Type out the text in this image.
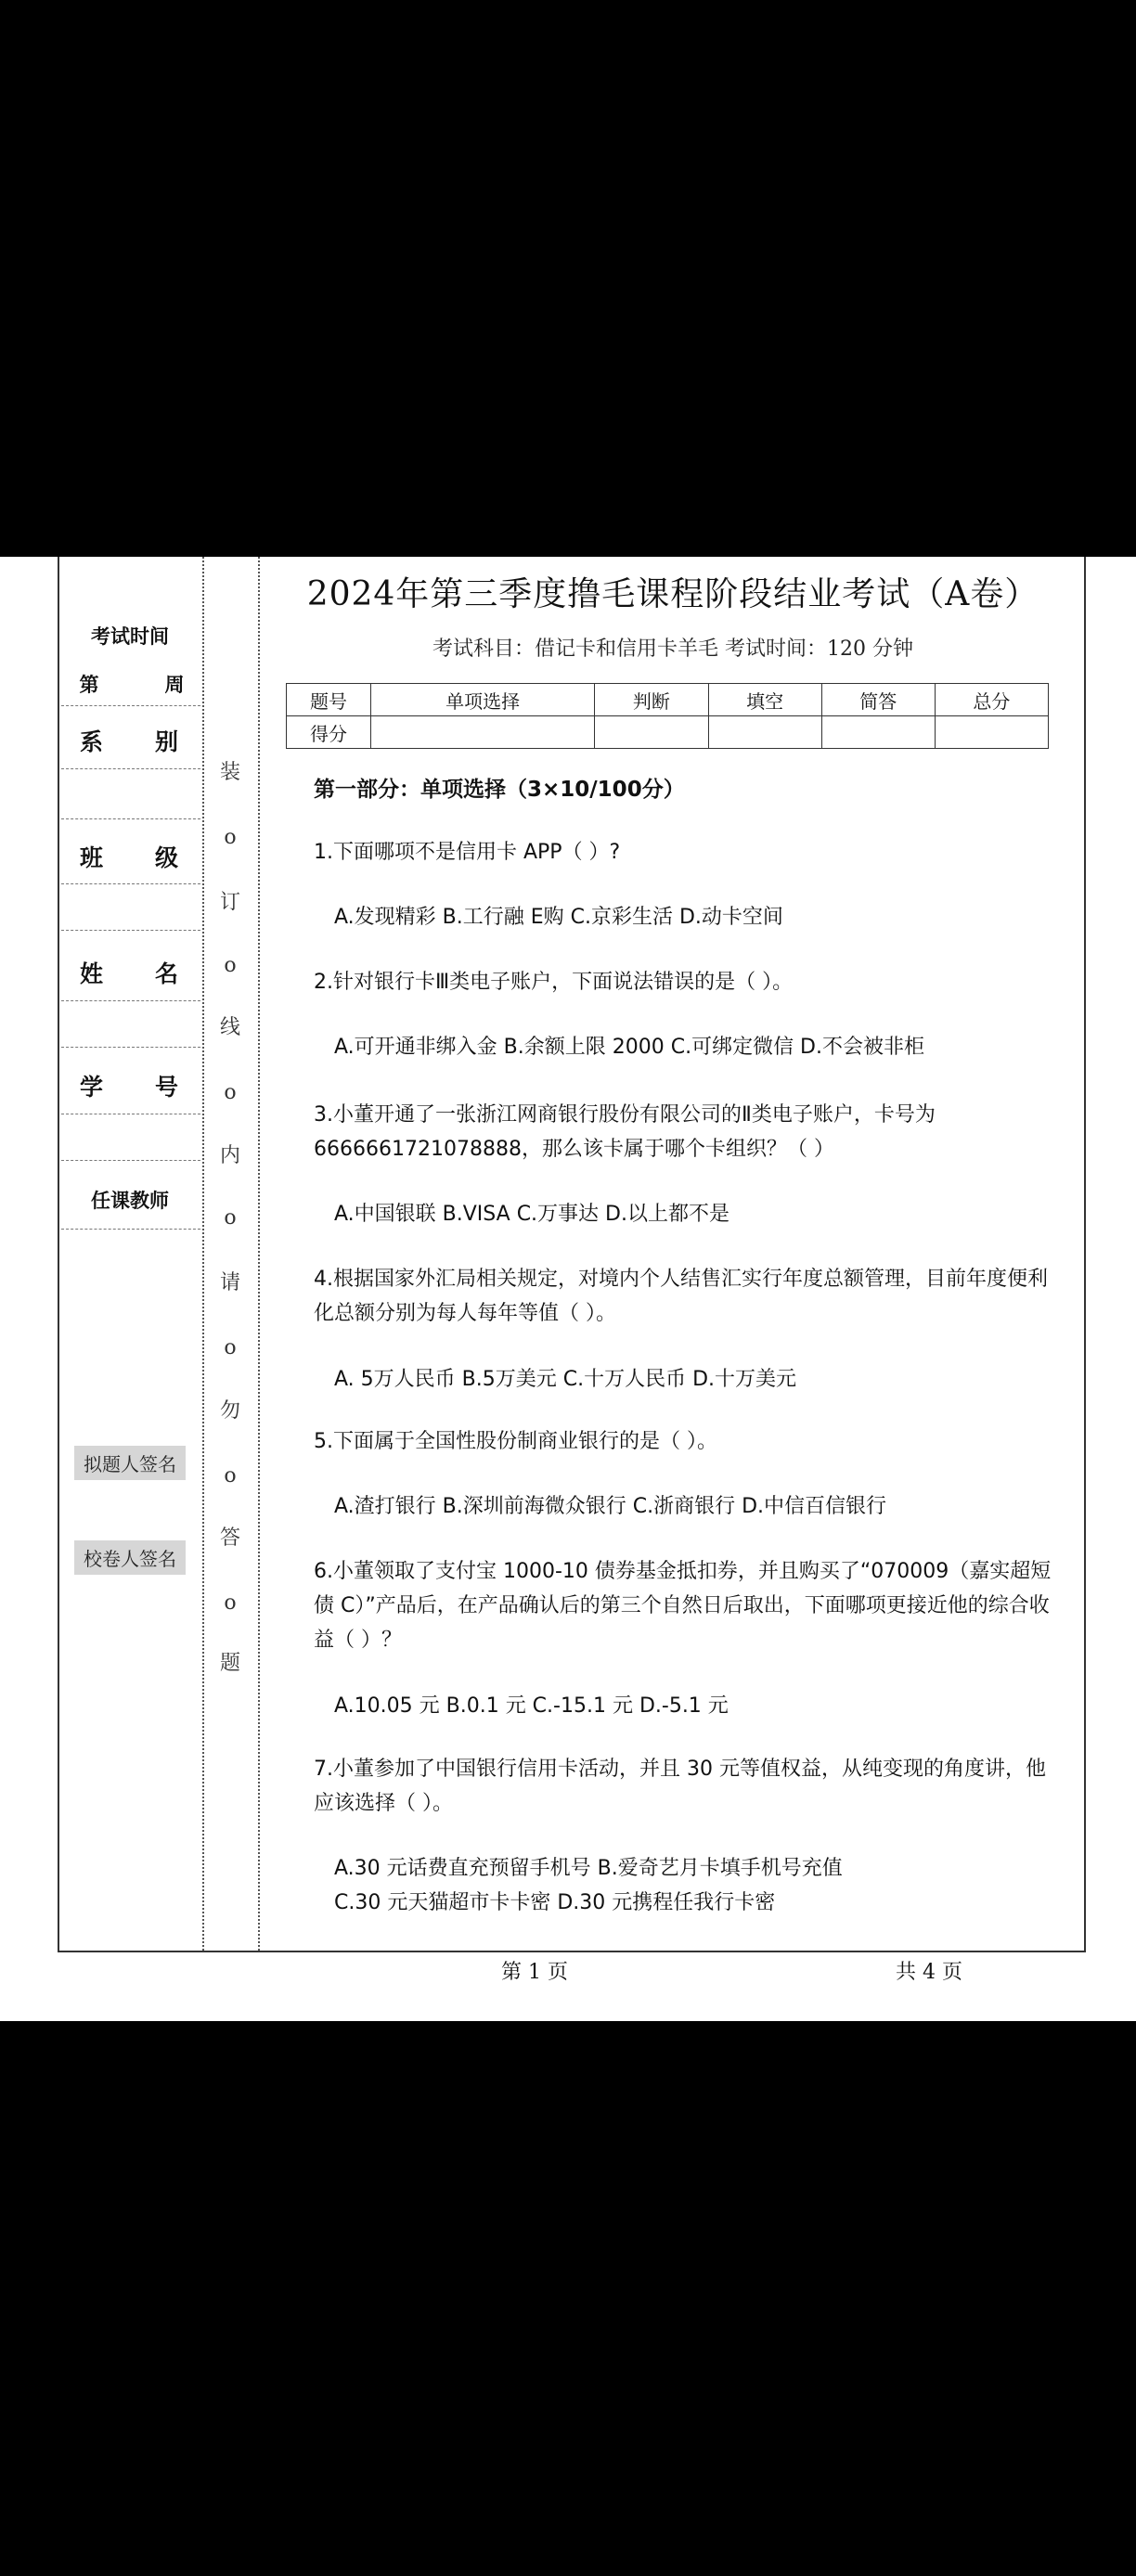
考试时间
第	周
系　　别
班　　级
姓　　名
学　　号
任课教师
拟题人签名
校卷人签名
装
o
订
o
线
o
内
o
请
o
勿
o
答
o
题
2024年第三季度撸毛课程阶段结业考试（A卷）
考试科目：借记卡和信用卡羊毛 考试时间：120 分钟
题号	单项选择	判断	填空	简答	总分
得分					
第一部分：单项选择（3×10/100分）
1.下面哪项不是信用卡 APP（ ）?
A.发现精彩 B.工行融 E购 C.京彩生活 D.动卡空间
2.针对银行卡Ⅲ类电子账户，下面说法错误的是（ ）。
A.可开通非绑入金 B.余额上限 2000 C.可绑定微信 D.不会被非柜
3.小董开通了一张浙江网商银行股份有限公司的Ⅱ类电子账户，卡号为 6666661721078888，那么该卡属于哪个卡组织？（ ）
A.中国银联 B.VISA C.万事达 D.以上都不是
4.根据国家外汇局相关规定，对境内个人结售汇实行年度总额管理，目前年度便利化总额分别为每人每年等值（ ）。
A. 5万人民币 B.5万美元 C.十万人民币 D.十万美元
5.下面属于全国性股份制商业银行的是（ ）。
A.渣打银行 B.深圳前海微众银行 C.浙商银行 D.中信百信银行
6.小董领取了支付宝 1000-10 债券基金抵扣券，并且购买了“070009（嘉实超短债 C）”产品后，在产品确认后的第三个自然日后取出，下面哪项更接近他的综合收益（ ）？
A.10.05 元 B.0.1 元 C.-15.1 元 D.-5.1 元
7.小董参加了中国银行信用卡活动，并且 30 元等值权益，从纯变现的角度讲，他应该选择（ ）。
A.30 元话费直充预留手机号 B.爱奇艺月卡填手机号充值
C.30 元天猫超市卡卡密 D.30 元携程任我行卡密
第 1 页	共 4 页
